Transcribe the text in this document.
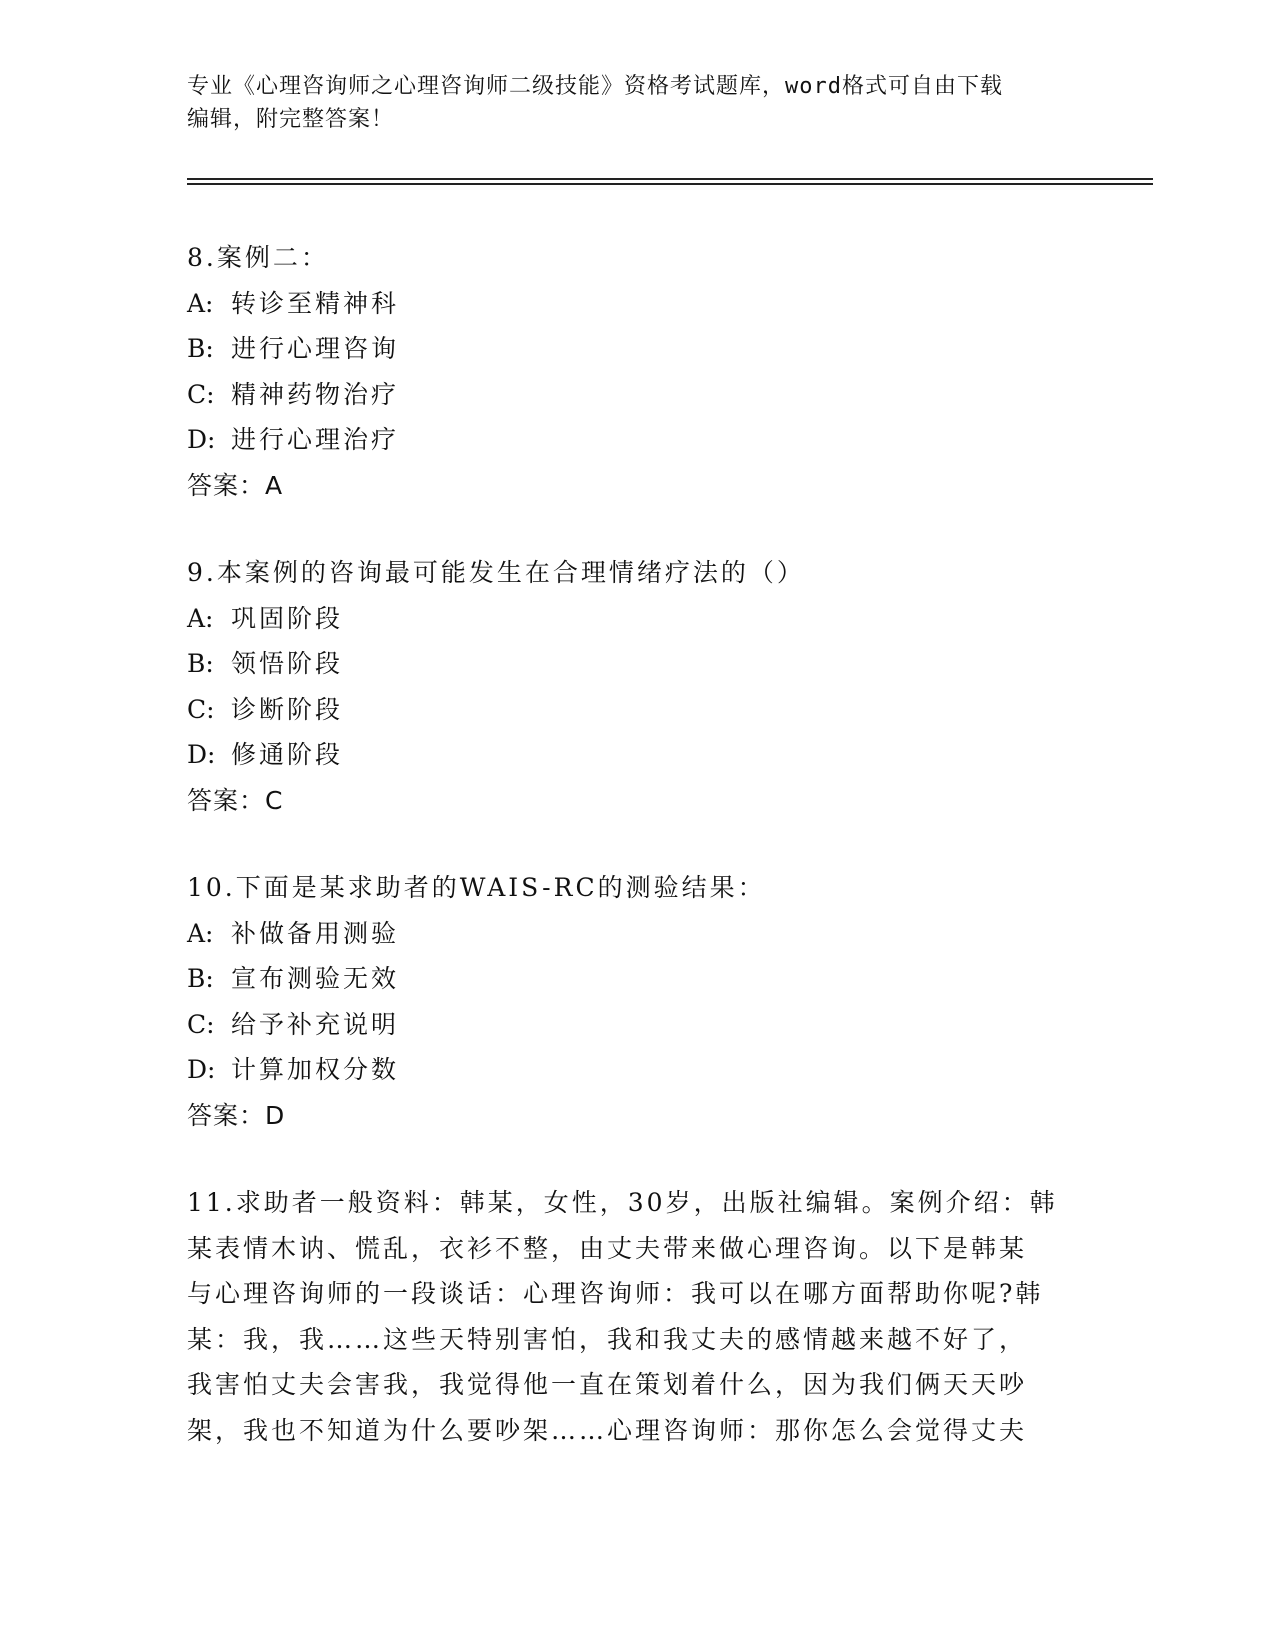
专业《心理咨询师之心理咨询师二级技能》资格考试题库，word格式可自由下载
编辑，附完整答案！
8.案例二：
A: 转诊至精神科
B: 进行心理咨询
C: 精神药物治疗
D: 进行心理治疗
答案：A
9.本案例的咨询最可能发生在合理情绪疗法的（）
A: 巩固阶段
B: 领悟阶段
C: 诊断阶段
D: 修通阶段
答案：C
10.下面是某求助者的WAIS-RC的测验结果：
A: 补做备用测验
B: 宣布测验无效
C: 给予补充说明
D: 计算加权分数
答案：D
11.求助者一般资料：韩某，女性，30岁，出版社编辑。案例介绍：韩
某表情木讷、慌乱，衣衫不整，由丈夫带来做心理咨询。以下是韩某
与心理咨询师的一段谈话：心理咨询师：我可以在哪方面帮助你呢?韩
某：我，我……这些天特别害怕，我和我丈夫的感情越来越不好了，
我害怕丈夫会害我，我觉得他一直在策划着什么，因为我们俩天天吵
架，我也不知道为什么要吵架……心理咨询师：那你怎么会觉得丈夫
